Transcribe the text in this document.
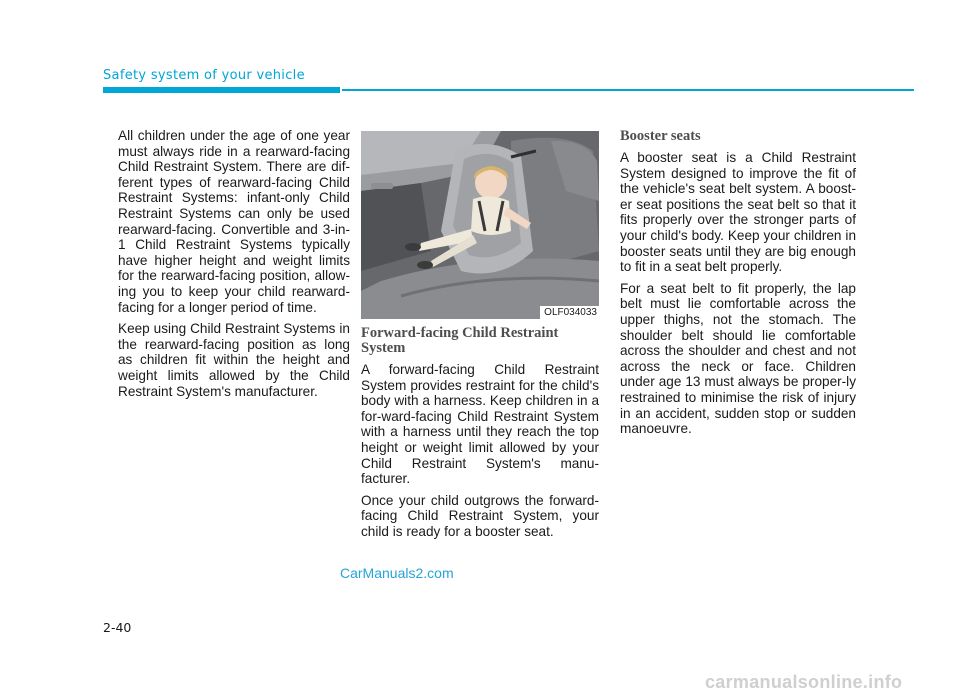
Safety system of your vehicle

All children under the age of one year must always ride in a rearward-facing Child Restraint System. There are dif-ferent types of rearward-facing Child Restraint Systems: infant-only Child Restraint Systems can only be used rearward-facing. Convertible and 3-in-1 Child Restraint Systems typically have higher height and weight limits for the rearward-facing position, allow-ing you to keep your child rearward-facing for a longer period of time.

Keep using Child Restraint Systems in the rearward-facing position as long as children fit within the height and weight limits allowed by the Child Restraint System's manufacturer.

OLF034033
Forward-facing Child Restraint System

A forward-facing Child Restraint System provides restraint for the child's body with a harness. Keep children in a for-ward-facing Child Restraint System with a harness until they reach the top height or weight limit allowed by your Child Restraint System's manu-facturer.

Once your child outgrows the forward-facing Child Restraint System, your child is ready for a booster seat.

Booster seats

A booster seat is a Child Restraint System designed to improve the fit of the vehicle's seat belt system. A boost-er seat positions the seat belt so that it fits properly over the stronger parts of your child's body. Keep your children in booster seats until they are big enough to fit in a seat belt properly.

For a seat belt to fit properly, the lap belt must lie comfortable across the upper thighs, not the stomach. The shoulder belt should lie comfortable across the shoulder and chest and not across the neck or face. Children under age 13 must always be proper-ly restrained to minimise the risk of injury in an accident, sudden stop or sudden manoeuvre.

CarManuals2.com
2-40
carmanualsonline.info
